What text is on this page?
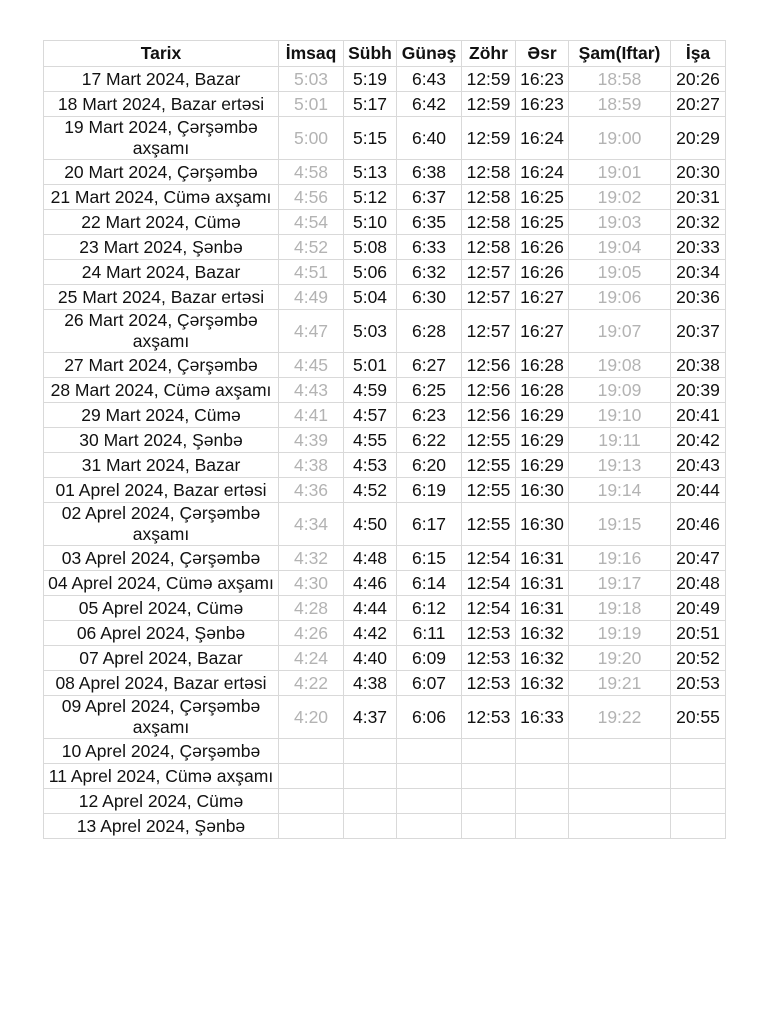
Tarix	İmsaq	Sübh	Günəş	Zöhr	Əsr	Şam(Iftar)	İşa
17 Mart 2024, Bazar	5:03	5:19	6:43	12:59	16:23	18:58	20:26
18 Mart 2024, Bazar ertəsi	5:01	5:17	6:42	12:59	16:23	18:59	20:27
19 Mart 2024, Çərşəmbə axşamı	5:00	5:15	6:40	12:59	16:24	19:00	20:29
20 Mart 2024, Çərşəmbə	4:58	5:13	6:38	12:58	16:24	19:01	20:30
21 Mart 2024, Cümə axşamı	4:56	5:12	6:37	12:58	16:25	19:02	20:31
22 Mart 2024, Cümə	4:54	5:10	6:35	12:58	16:25	19:03	20:32
23 Mart 2024, Şənbə	4:52	5:08	6:33	12:58	16:26	19:04	20:33
24 Mart 2024, Bazar	4:51	5:06	6:32	12:57	16:26	19:05	20:34
25 Mart 2024, Bazar ertəsi	4:49	5:04	6:30	12:57	16:27	19:06	20:36
26 Mart 2024, Çərşəmbə axşamı	4:47	5:03	6:28	12:57	16:27	19:07	20:37
27 Mart 2024, Çərşəmbə	4:45	5:01	6:27	12:56	16:28	19:08	20:38
28 Mart 2024, Cümə axşamı	4:43	4:59	6:25	12:56	16:28	19:09	20:39
29 Mart 2024, Cümə	4:41	4:57	6:23	12:56	16:29	19:10	20:41
30 Mart 2024, Şənbə	4:39	4:55	6:22	12:55	16:29	19:11	20:42
31 Mart 2024, Bazar	4:38	4:53	6:20	12:55	16:29	19:13	20:43
01 Aprel 2024, Bazar ertəsi	4:36	4:52	6:19	12:55	16:30	19:14	20:44
02 Aprel 2024, Çərşəmbə axşamı	4:34	4:50	6:17	12:55	16:30	19:15	20:46
03 Aprel 2024, Çərşəmbə	4:32	4:48	6:15	12:54	16:31	19:16	20:47
04 Aprel 2024, Cümə axşamı	4:30	4:46	6:14	12:54	16:31	19:17	20:48
05 Aprel 2024, Cümə	4:28	4:44	6:12	12:54	16:31	19:18	20:49
06 Aprel 2024, Şənbə	4:26	4:42	6:11	12:53	16:32	19:19	20:51
07 Aprel 2024, Bazar	4:24	4:40	6:09	12:53	16:32	19:20	20:52
08 Aprel 2024, Bazar ertəsi	4:22	4:38	6:07	12:53	16:32	19:21	20:53
09 Aprel 2024, Çərşəmbə axşamı	4:20	4:37	6:06	12:53	16:33	19:22	20:55
10 Aprel 2024, Çərşəmbə							
11 Aprel 2024, Cümə axşamı							
12 Aprel 2024, Cümə							
13 Aprel 2024, Şənbə							
